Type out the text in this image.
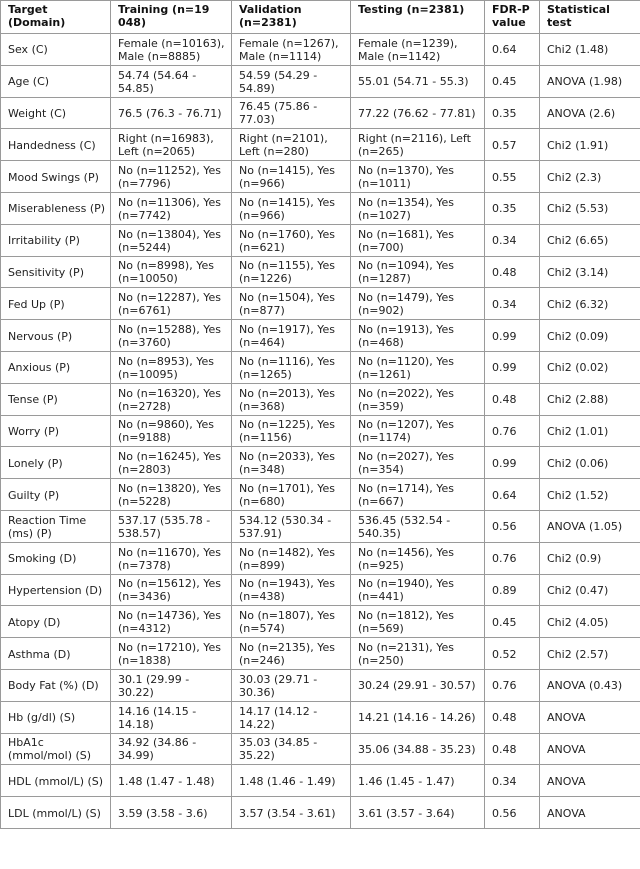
Target (Domain)	Training (n=19 048)	Validation (n=2381)	Testing (n=2381)	FDR-P value	Statistical test
Sex (C)	Female (n=10163), Male (n=8885)	Female (n=1267), Male (n=1114)	Female (n=1239), Male (n=1142)	0.64	Chi2 (1.48)
Age (C)	54.74 (54.64 - 54.85)	54.59 (54.29 - 54.89)	55.01 (54.71 - 55.3)	0.45	ANOVA (1.98)
Weight (C)	76.5 (76.3 - 76.71)	76.45 (75.86 - 77.03)	77.22 (76.62 - 77.81)	0.35	ANOVA (2.6)
Handedness (C)	Right (n=16983), Left (n=2065)	Right (n=2101), Left (n=280)	Right (n=2116), Left (n=265)	0.57	Chi2 (1.91)
Mood Swings (P)	No (n=11252), Yes (n=7796)	No (n=1415), Yes (n=966)	No (n=1370), Yes (n=1011)	0.55	Chi2 (2.3)
Miserableness (P)	No (n=11306), Yes (n=7742)	No (n=1415), Yes (n=966)	No (n=1354), Yes (n=1027)	0.35	Chi2 (5.53)
Irritability (P)	No (n=13804), Yes (n=5244)	No (n=1760), Yes (n=621)	No (n=1681), Yes (n=700)	0.34	Chi2 (6.65)
Sensitivity (P)	No (n=8998), Yes (n=10050)	No (n=1155), Yes (n=1226)	No (n=1094), Yes (n=1287)	0.48	Chi2 (3.14)
Fed Up (P)	No (n=12287), Yes (n=6761)	No (n=1504), Yes (n=877)	No (n=1479), Yes (n=902)	0.34	Chi2 (6.32)
Nervous (P)	No (n=15288), Yes (n=3760)	No (n=1917), Yes (n=464)	No (n=1913), Yes (n=468)	0.99	Chi2 (0.09)
Anxious (P)	No (n=8953), Yes (n=10095)	No (n=1116), Yes (n=1265)	No (n=1120), Yes (n=1261)	0.99	Chi2 (0.02)
Tense (P)	No (n=16320), Yes (n=2728)	No (n=2013), Yes (n=368)	No (n=2022), Yes (n=359)	0.48	Chi2 (2.88)
Worry (P)	No (n=9860), Yes (n=9188)	No (n=1225), Yes (n=1156)	No (n=1207), Yes (n=1174)	0.76	Chi2 (1.01)
Lonely (P)	No (n=16245), Yes (n=2803)	No (n=2033), Yes (n=348)	No (n=2027), Yes (n=354)	0.99	Chi2 (0.06)
Guilty (P)	No (n=13820), Yes (n=5228)	No (n=1701), Yes (n=680)	No (n=1714), Yes (n=667)	0.64	Chi2 (1.52)
Reaction Time (ms) (P)	537.17 (535.78 - 538.57)	534.12 (530.34 - 537.91)	536.45 (532.54 - 540.35)	0.56	ANOVA (1.05)
Smoking (D)	No (n=11670), Yes (n=7378)	No (n=1482), Yes (n=899)	No (n=1456), Yes (n=925)	0.76	Chi2 (0.9)
Hypertension (D)	No (n=15612), Yes (n=3436)	No (n=1943), Yes (n=438)	No (n=1940), Yes (n=441)	0.89	Chi2 (0.47)
Atopy (D)	No (n=14736), Yes (n=4312)	No (n=1807), Yes (n=574)	No (n=1812), Yes (n=569)	0.45	Chi2 (4.05)
Asthma (D)	No (n=17210), Yes (n=1838)	No (n=2135), Yes (n=246)	No (n=2131), Yes (n=250)	0.52	Chi2 (2.57)
Body Fat (%) (D)	30.1 (29.99 - 30.22)	30.03 (29.71 - 30.36)	30.24 (29.91 - 30.57)	0.76	ANOVA (0.43)
Hb (g/dl) (S)	14.16 (14.15 - 14.18)	14.17 (14.12 - 14.22)	14.21 (14.16 - 14.26)	0.48	ANOVA
HbA1c (mmol/mol) (S)	34.92 (34.86 - 34.99)	35.03 (34.85 - 35.22)	35.06 (34.88 - 35.23)	0.48	ANOVA
HDL (mmol/L) (S)	1.48 (1.47 - 1.48)	1.48 (1.46 - 1.49)	1.46 (1.45 - 1.47)	0.34	ANOVA
LDL (mmol/L) (S)	3.59 (3.58 - 3.6)	3.57 (3.54 - 3.61)	3.61 (3.57 - 3.64)	0.56	ANOVA
